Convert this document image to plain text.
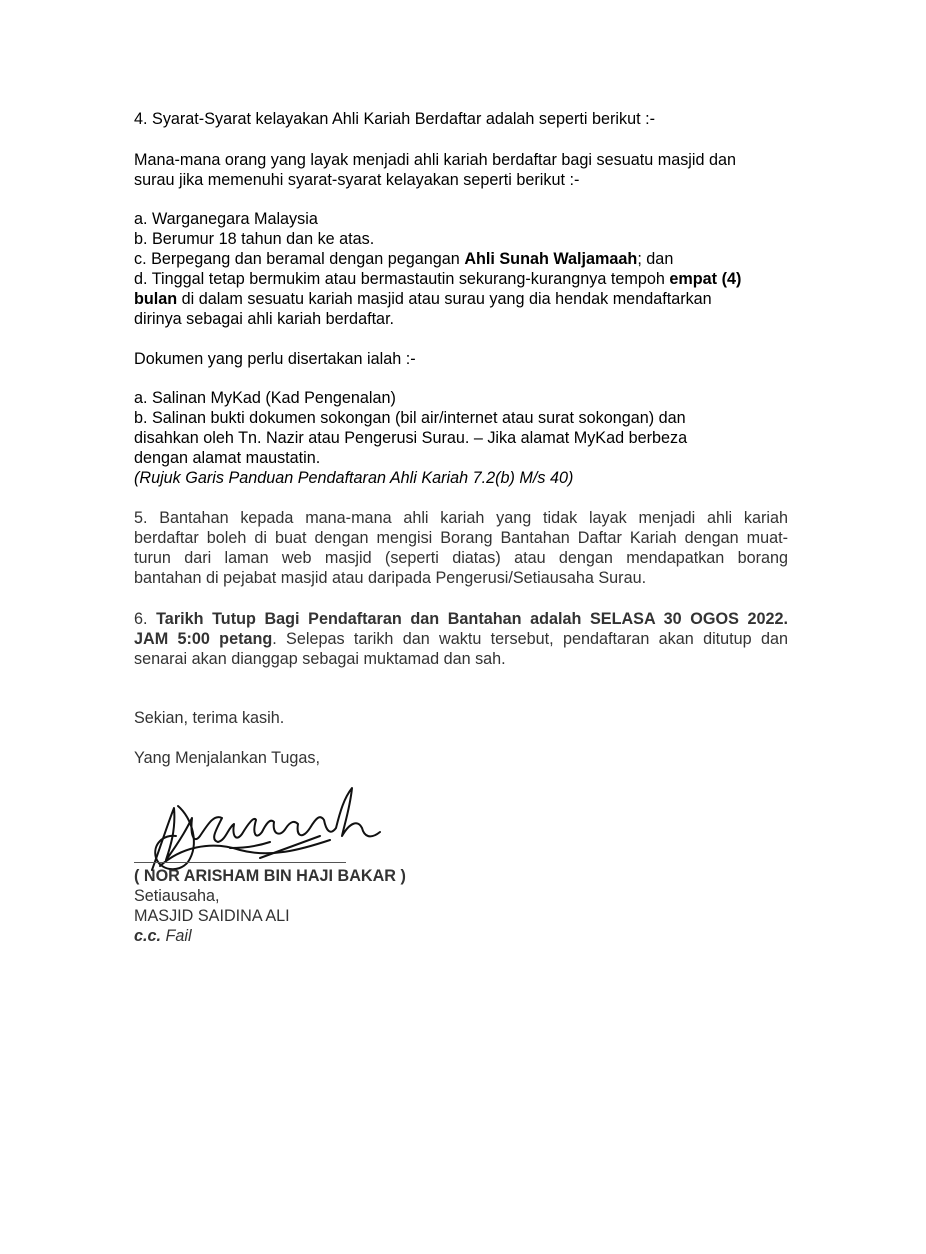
4. Syarat-Syarat kelayakan Ahli Kariah Berdaftar adalah seperti berikut :-
Mana-mana orang yang layak menjadi ahli kariah berdaftar bagi sesuatu masjid dan
surau jika memenuhi syarat-syarat kelayakan seperti berikut :-
a. Warganegara Malaysia
b. Berumur 18 tahun dan ke atas.
c. Berpegang dan beramal dengan pegangan Ahli Sunah Waljamaah; dan
d. Tinggal tetap bermukim atau bermastautin sekurang-kurangnya tempoh empat (4)
bulan di dalam sesuatu kariah masjid atau surau yang dia hendak mendaftarkan
dirinya sebagai ahli kariah berdaftar.
Dokumen yang perlu disertakan ialah :-
a. Salinan MyKad (Kad Pengenalan)
b. Salinan bukti dokumen sokongan (bil air/internet atau surat sokongan) dan
disahkan oleh Tn. Nazir atau Pengerusi Surau. – Jika alamat MyKad berbeza
dengan alamat maustatin.
(Rujuk Garis Panduan Pendaftaran Ahli Kariah 7.2(b) M/s 40)
5. Bantahan kepada mana-mana ahli kariah yang tidak layak menjadi ahli kariah
berdaftar boleh di buat dengan mengisi Borang Bantahan Daftar Kariah dengan muat-
turun dari laman web masjid (seperti diatas) atau dengan mendapatkan borang
bantahan di pejabat masjid atau daripada Pengerusi/Setiausaha Surau.
6. Tarikh Tutup Bagi Pendaftaran dan Bantahan adalah SELASA 30 OGOS 2022.
JAM 5:00 petang. Selepas tarikh dan waktu tersebut, pendaftaran akan ditutup dan
senarai akan dianggap sebagai muktamad dan sah.
Sekian, terima kasih.
Yang Menjalankan Tugas,
( NOR ARISHAM BIN HAJI BAKAR )
Setiausaha,
MASJID SAIDINA ALI
c.c. Fail
